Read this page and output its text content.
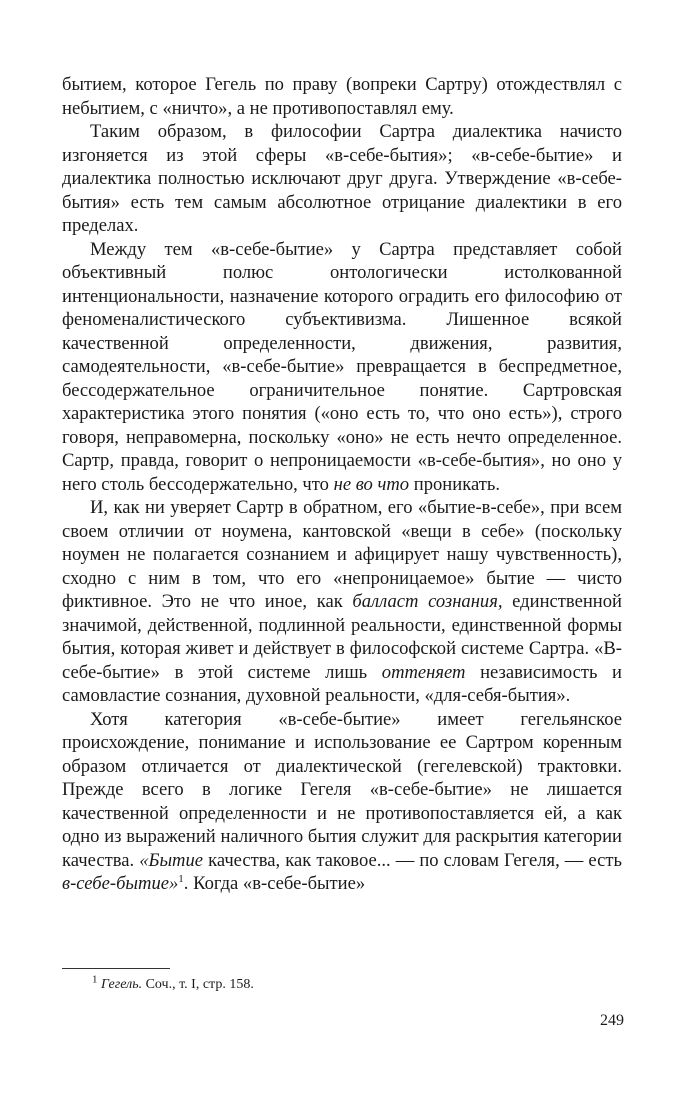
бытием, которое Гегель по праву (вопреки Сартру) отождествлял с небытием, с «ничто», а не противопоставлял ему.

Таким образом, в философии Сартра диалектика начисто изгоняется из этой сферы «в-себе-бытия»; «в-себе-бытие» и диалектика полностью исключают друг друга. Утверждение «в-себе-бытия» есть тем самым абсолютное отрицание диалектики в его пределах.

Между тем «в-себе-бытие» у Сартра представляет собой объективный полюс онтологически истолкованной интенциональности, назначение которого оградить его философию от феноменалистического субъективизма. Лишенное всякой качественной определенности, движения, развития, самодеятельности, «в-себе-бытие» превращается в беспредметное, бессодержательное ограничительное понятие. Сартровская характеристика этого понятия («оно есть то, что оно есть»), строго говоря, неправомерна, поскольку «оно» не есть нечто определенное. Сартр, правда, говорит о непроницаемости «в-себе-бытия», но оно у него столь бессодержательно, что не во что проникать.

И, как ни уверяет Сартр в обратном, его «бытие-в-себе», при всем своем отличии от ноумена, кантовской «вещи в себе» (поскольку ноумен не полагается сознанием и афицирует нашу чувственность), сходно с ним в том, что его «непроницаемое» бытие — чисто фиктивное. Это не что иное, как балласт сознания, единственной значимой, действенной, подлинной реальности, единственной формы бытия, которая живет и действует в философской системе Сартра. «В-себе-бытие» в этой системе лишь оттеняет независимость и самовластие сознания, духовной реальности, «для-себя-бытия».

Хотя категория «в-себе-бытие» имеет гегельянское происхождение, понимание и использование ее Сартром коренным образом отличается от диалектической (гегелевской) трактовки. Прежде всего в логике Гегеля «в-себе-бытие» не лишается качественной определенности и не противопоставляется ей, а как одно из выражений наличного бытия служит для раскрытия категории качества. «Бытие качества, как таковое... — по словам Гегеля, — есть в-себе-бытие»$^1$. Когда «в-себе-бытие»

$^1$ Гегель. Соч., т. I, стр. 158.

249
